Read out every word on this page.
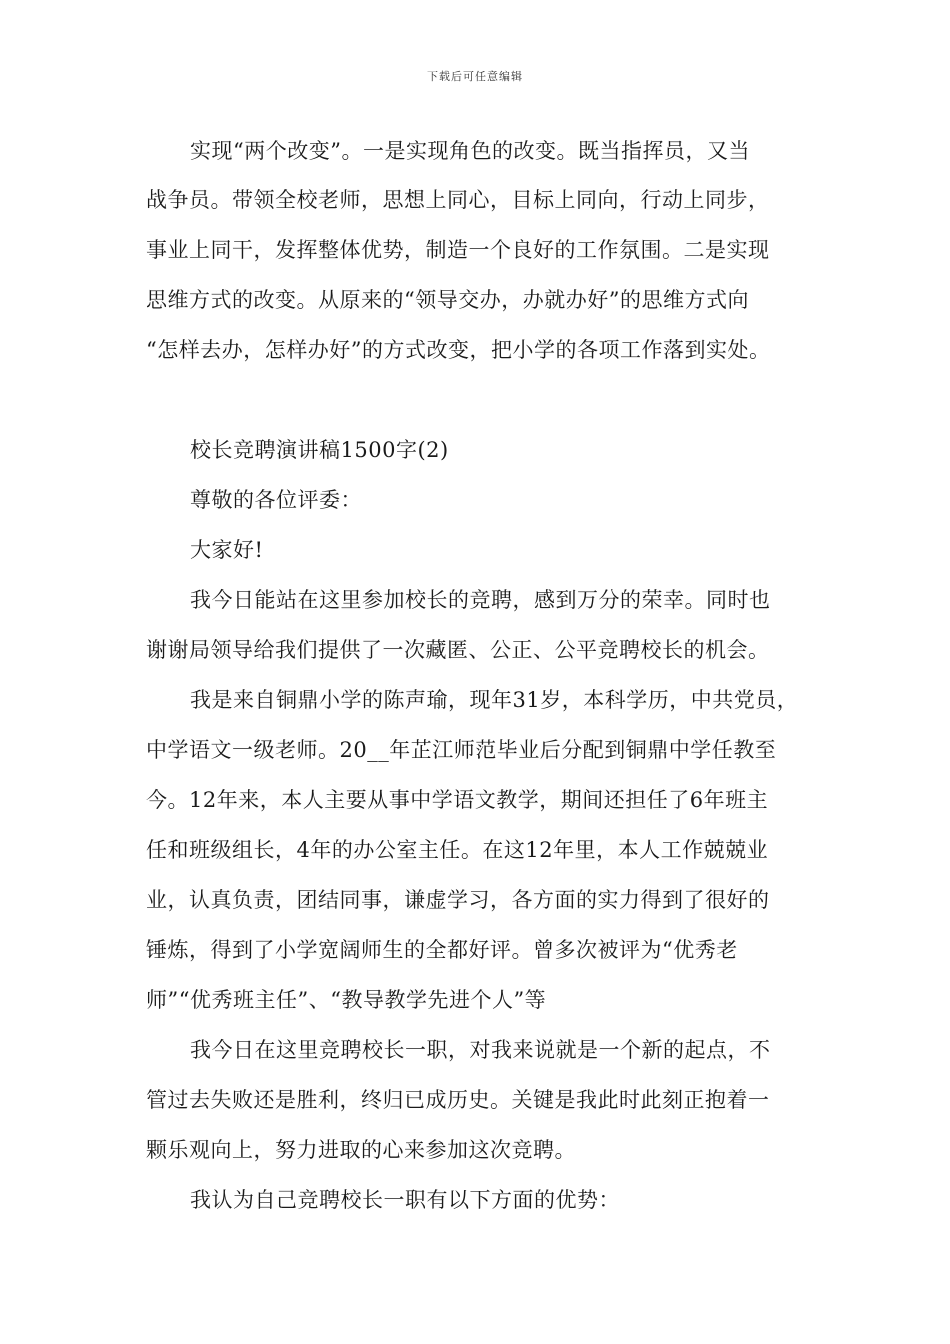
下载后可任意编辑
实现“两个改变”。一是实现角色的改变。既当指挥员，又当
战争员。带领全校老师，思想上同心，目标上同向，行动上同步，
事业上同干，发挥整体优势，制造一个良好的工作氛围。二是实现
思维方式的改变。从原来的“领导交办，办就办好”的思维方式向
“怎样去办，怎样办好”的方式改变，把小学的各项工作落到实处。
校长竞聘演讲稿1500字(2)
尊敬的各位评委：
大家好!
我今日能站在这里参加校长的竞聘，感到万分的荣幸。同时也
谢谢局领导给我们提供了一次藏匿、公正、公平竞聘校长的机会。
我是来自铜鼎小学的陈声瑜，现年31岁，本科学历，中共党员，
中学语文一级老师。20__年芷江师范毕业后分配到铜鼎中学任教至
今。12年来，本人主要从事中学语文教学，期间还担任了6年班主
任和班级组长，4年的办公室主任。在这12年里，本人工作兢兢业
业，认真负责，团结同事，谦虚学习，各方面的实力得到了很好的
锤炼，得到了小学宽阔师生的全都好评。曾多次被评为“优秀老
师”“优秀班主任”、“教导教学先进个人”等
我今日在这里竞聘校长一职，对我来说就是一个新的起点，不
管过去失败还是胜利，终归已成历史。关键是我此时此刻正抱着一
颗乐观向上，努力进取的心来参加这次竞聘。
我认为自己竞聘校长一职有以下方面的优势：
